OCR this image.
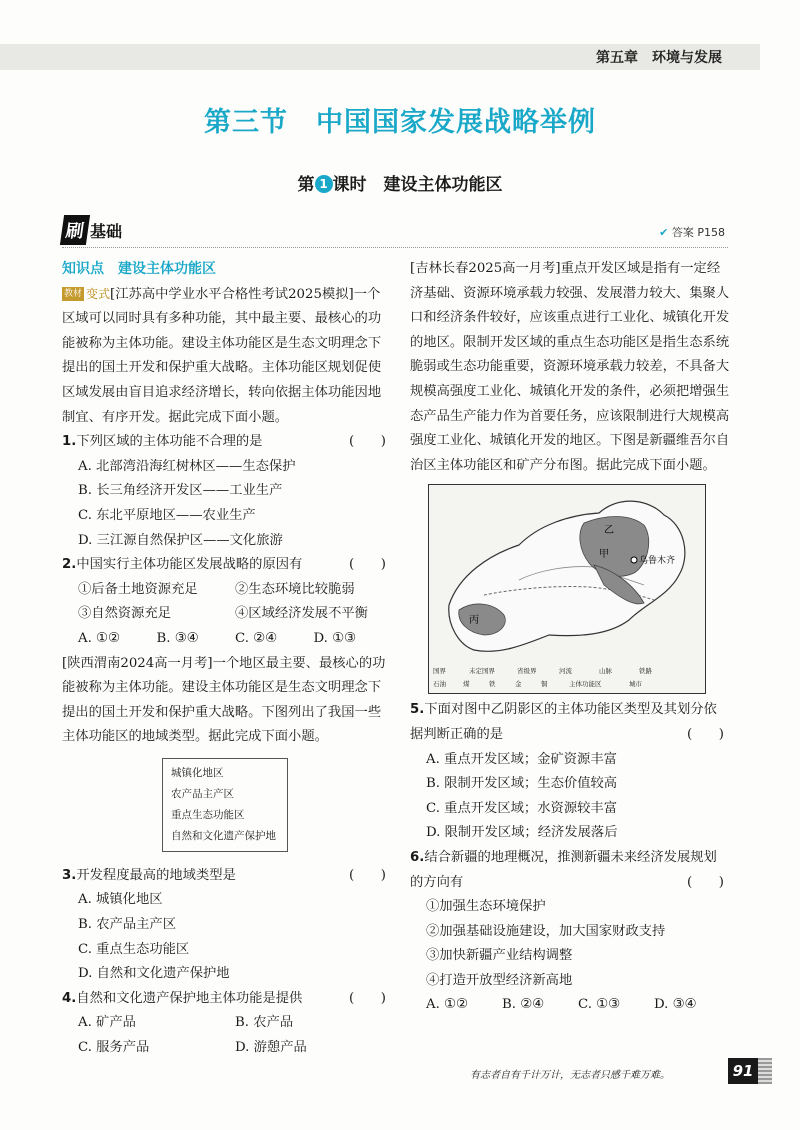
第五章　环境与发展
第三节　中国国家发展战略举例
第 1 课时　建设主体功能区
刷 基础	✔ 答案 P158
知识点　建设主体功能区
教材 变式[江苏高中学业水平合格性考试2025模拟]一个区域可以同时具有多种功能，其中最主要、最核心的功能被称为主体功能。建设主体功能区是生态文明理念下提出的国土开发和保护重大战略。主体功能区规划促使区域发展由盲目追求经济增长，转向依据主体功能因地制宜、有序开发。据此完成下面小题。
1.下列区域的主体功能不合理的是	(　　)
A. 北部湾沿海红树林区——生态保护
B. 长三角经济开发区——工业生产
C. 东北平原地区——农业生产
D. 三江源自然保护区——文化旅游
2.中国实行主体功能区发展战略的原因有	(　　)
①后备土地资源充足	②生态环境比较脆弱
③自然资源充足	④区域经济发展不平衡
A. ①②	B. ③④	C. ②④	D. ①③
[陕西渭南2024高一月考]一个地区最主要、最核心的功能被称为主体功能。建设主体功能区是生态文明理念下提出的国土开发和保护重大战略。下图列出了我国一些主体功能区的地域类型。据此完成下面小题。
城镇化地区
农产品主产区
重点生态功能区
自然和文化遗产保护地
3.开发程度最高的地域类型是	(　　)
A. 城镇化地区
B. 农产品主产区
C. 重点生态功能区
D. 自然和文化遗产保护地
4.自然和文化遗产保护地主体功能是提供	(　　)
A. 矿产品	B. 农产品
C. 服务产品	D. 游憩产品
[吉林长春2025高一月考]重点开发区域是指有一定经济基础、资源环境承载力较强、发展潜力较大、集聚人口和经济条件较好，应该重点进行工业化、城镇化开发的地区。限制开发区域的重点生态功能区是指生态系统脆弱或生态功能重要，资源环境承载力较差，不具备大规模高强度工业化、城镇化开发的条件，必须把增强生态产品生产能力作为首要任务，应该限制进行大规模高强度工业化、城镇化开发的地区。下图是新疆维吾尔自治区主体功能区和矿产分布图。据此完成下面小题。
乙
甲
丙
乌鲁木齐
国界	未定国界	省级界	河流	山脉	铁路
石油	煤	铁	金	铜	主体功能区	城市
5.下面对图中乙阴影区的主体功能区类型及其划分依据判断正确的是	(　　)
A. 重点开发区域；金矿资源丰富
B. 限制开发区域；生态价值较高
C. 重点开发区域；水资源较丰富
D. 限制开发区域；经济发展落后
6.结合新疆的地理概况，推测新疆未来经济发展规划的方向有	(　　)
①加强生态环境保护
②加强基础设施建设，加大国家财政支持
③加快新疆产业结构调整
④打造开放型经济新高地
A. ①②	B. ②④	C. ①③	D. ③④
有志者自有千计万计，无志者只感千难万难。	91
